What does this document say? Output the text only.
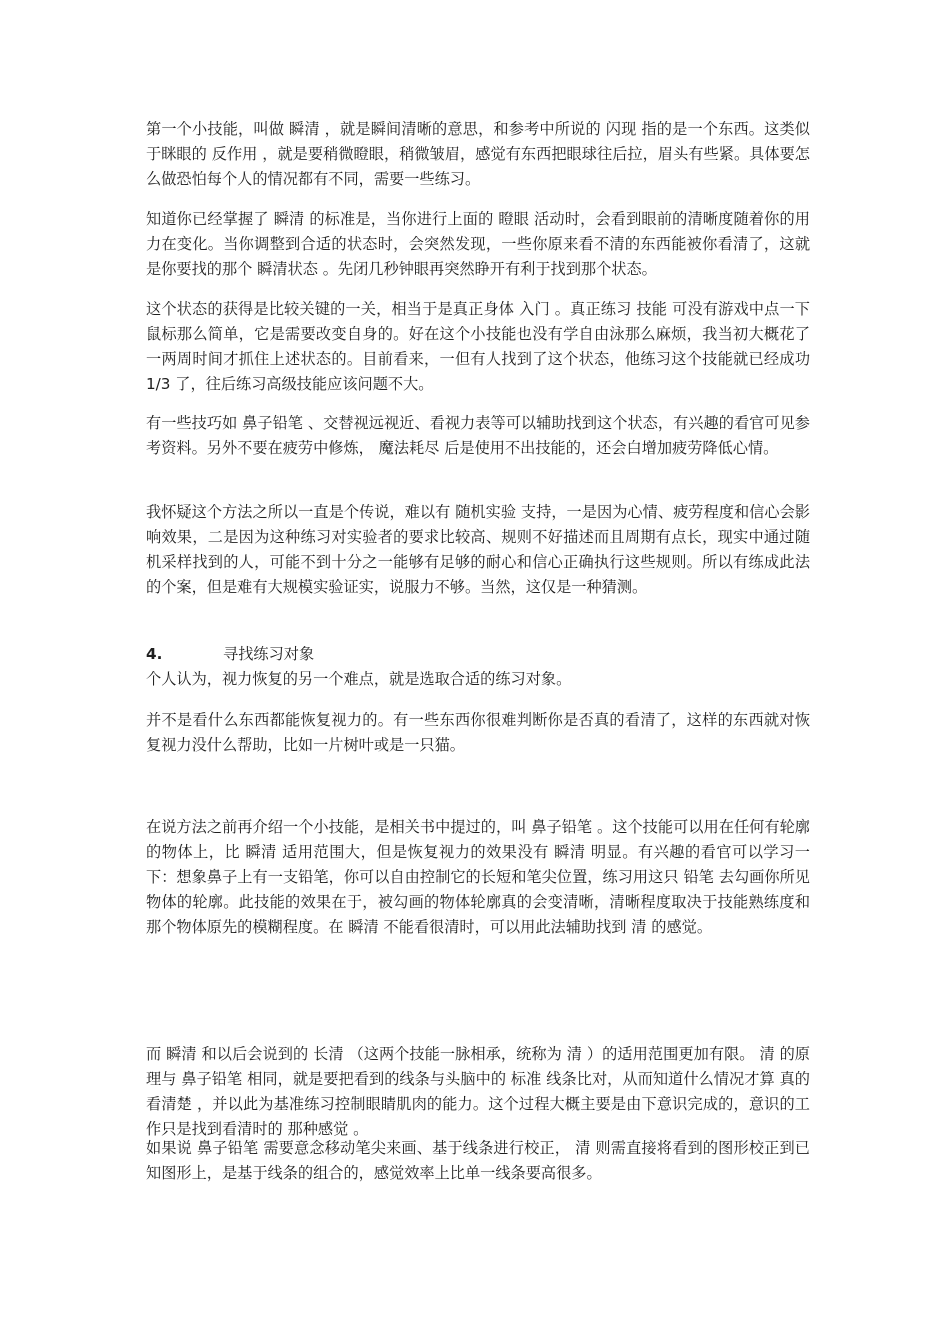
第一个小技能，叫做 瞬清 ，就是瞬间清晰的意思，和参考中所说的 闪现 指的是一个东西。这类似于眯眼的 反作用 ，就是要稍微瞪眼，稍微皱眉，感觉有东西把眼球往后拉，眉头有些紧。具体要怎么做恐怕每个人的情况都有不同，需要一些练习。

知道你已经掌握了 瞬清 的标准是，当你进行上面的 瞪眼 活动时，会看到眼前的清晰度随着你的用力在变化。当你调整到合适的状态时，会突然发现，一些你原来看不清的东西能被你看清了，这就是你要找的那个 瞬清状态 。先闭几秒钟眼再突然睁开有利于找到那个状态。

这个状态的获得是比较关键的一关，相当于是真正身体 入门 。真正练习 技能 可没有游戏中点一下鼠标那么简单，它是需要改变自身的。好在这个小技能也没有学自由泳那么麻烦，我当初大概花了一两周时间才抓住上述状态的。目前看来，一但有人找到了这个状态，他练习这个技能就已经成功 1/3 了，往后练习高级技能应该问题不大。

有一些技巧如 鼻子铅笔 、交替视远视近、看视力表等可以辅助找到这个状态，有兴趣的看官可见参考资料。另外不要在疲劳中修炼， 魔法耗尽 后是使用不出技能的，还会白增加疲劳降低心情。

我怀疑这个方法之所以一直是个传说，难以有 随机实验 支持，一是因为心情、疲劳程度和信心会影响效果，二是因为这种练习对实验者的要求比较高、规则不好描述而且周期有点长，现实中通过随机采样找到的人，可能不到十分之一能够有足够的耐心和信心正确执行这些规则。所以有练成此法的个案，但是难有大规模实验证实，说服力不够。当然，这仅是一种猜测。

4.	寻找练习对象

个人认为，视力恢复的另一个难点，就是选取合适的练习对象。

并不是看什么东西都能恢复视力的。有一些东西你很难判断你是否真的看清了，这样的东西就对恢复视力没什么帮助，比如一片树叶或是一只猫。

在说方法之前再介绍一个小技能，是相关书中提过的，叫 鼻子铅笔 。这个技能可以用在任何有轮廓的物体上，比 瞬清 适用范围大，但是恢复视力的效果没有 瞬清 明显。有兴趣的看官可以学习一下：想象鼻子上有一支铅笔，你可以自由控制它的长短和笔尖位置，练习用这只 铅笔 去勾画你所见物体的轮廓。此技能的效果在于，被勾画的物体轮廓真的会变清晰，清晰程度取决于技能熟练度和那个物体原先的模糊程度。在 瞬清 不能看很清时，可以用此法辅助找到 清 的感觉。

而 瞬清 和以后会说到的 长清 （这两个技能一脉相承，统称为 清 ）的适用范围更加有限。 清 的原理与 鼻子铅笔 相同，就是要把看到的线条与头脑中的 标准 线条比对，从而知道什么情况才算 真的看清楚 ，并以此为基准练习控制眼睛肌肉的能力。这个过程大概主要是由下意识完成的，意识的工作只是找到看清时的 那种感觉 。

如果说 鼻子铅笔 需要意念移动笔尖来画、基于线条进行校正， 清 则需直接将看到的图形校正到已知图形上，是基于线条的组合的，感觉效率上比单一线条要高很多。
